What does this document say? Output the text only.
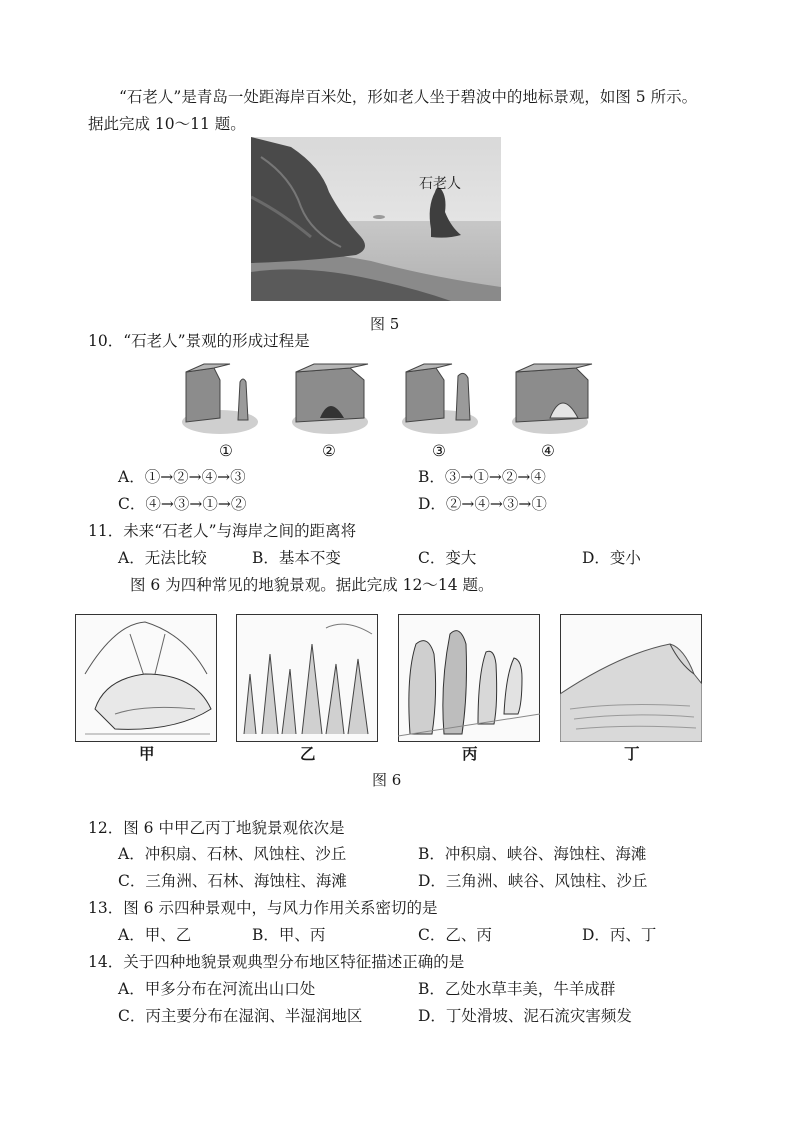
“石老人”是青岛一处距海岸百米处，形如老人坐于碧波中的地标景观，如图 5 所示。据此完成 10～11 题。
石老人
图 5
10．“石老人”景观的形成过程是
①	②	③	④
A．①→②→④→③	B．③→①→②→④
C．④→③→①→②	D．②→④→③→①
11．未来“石老人”与海岸之间的距离将
A．无法比较	B．基本不变	C．变大	D．变小
图 6 为四种常见的地貌景观。据此完成 12～14 题。
甲	乙	丙	丁
图 6
12．图 6 中甲乙丙丁地貌景观依次是
A．冲积扇、石林、风蚀柱、沙丘	B．冲积扇、峡谷、海蚀柱、海滩
C．三角洲、石林、海蚀柱、海滩	D．三角洲、峡谷、风蚀柱、沙丘
13．图 6 示四种景观中，与风力作用关系密切的是
A．甲、乙	B．甲、丙	C．乙、丙	D．丙、丁
14．关于四种地貌景观典型分布地区特征描述正确的是
A．甲多分布在河流出山口处	B．乙处水草丰美，牛羊成群
C．丙主要分布在湿润、半湿润地区	D．丁处滑坡、泥石流灾害频发
